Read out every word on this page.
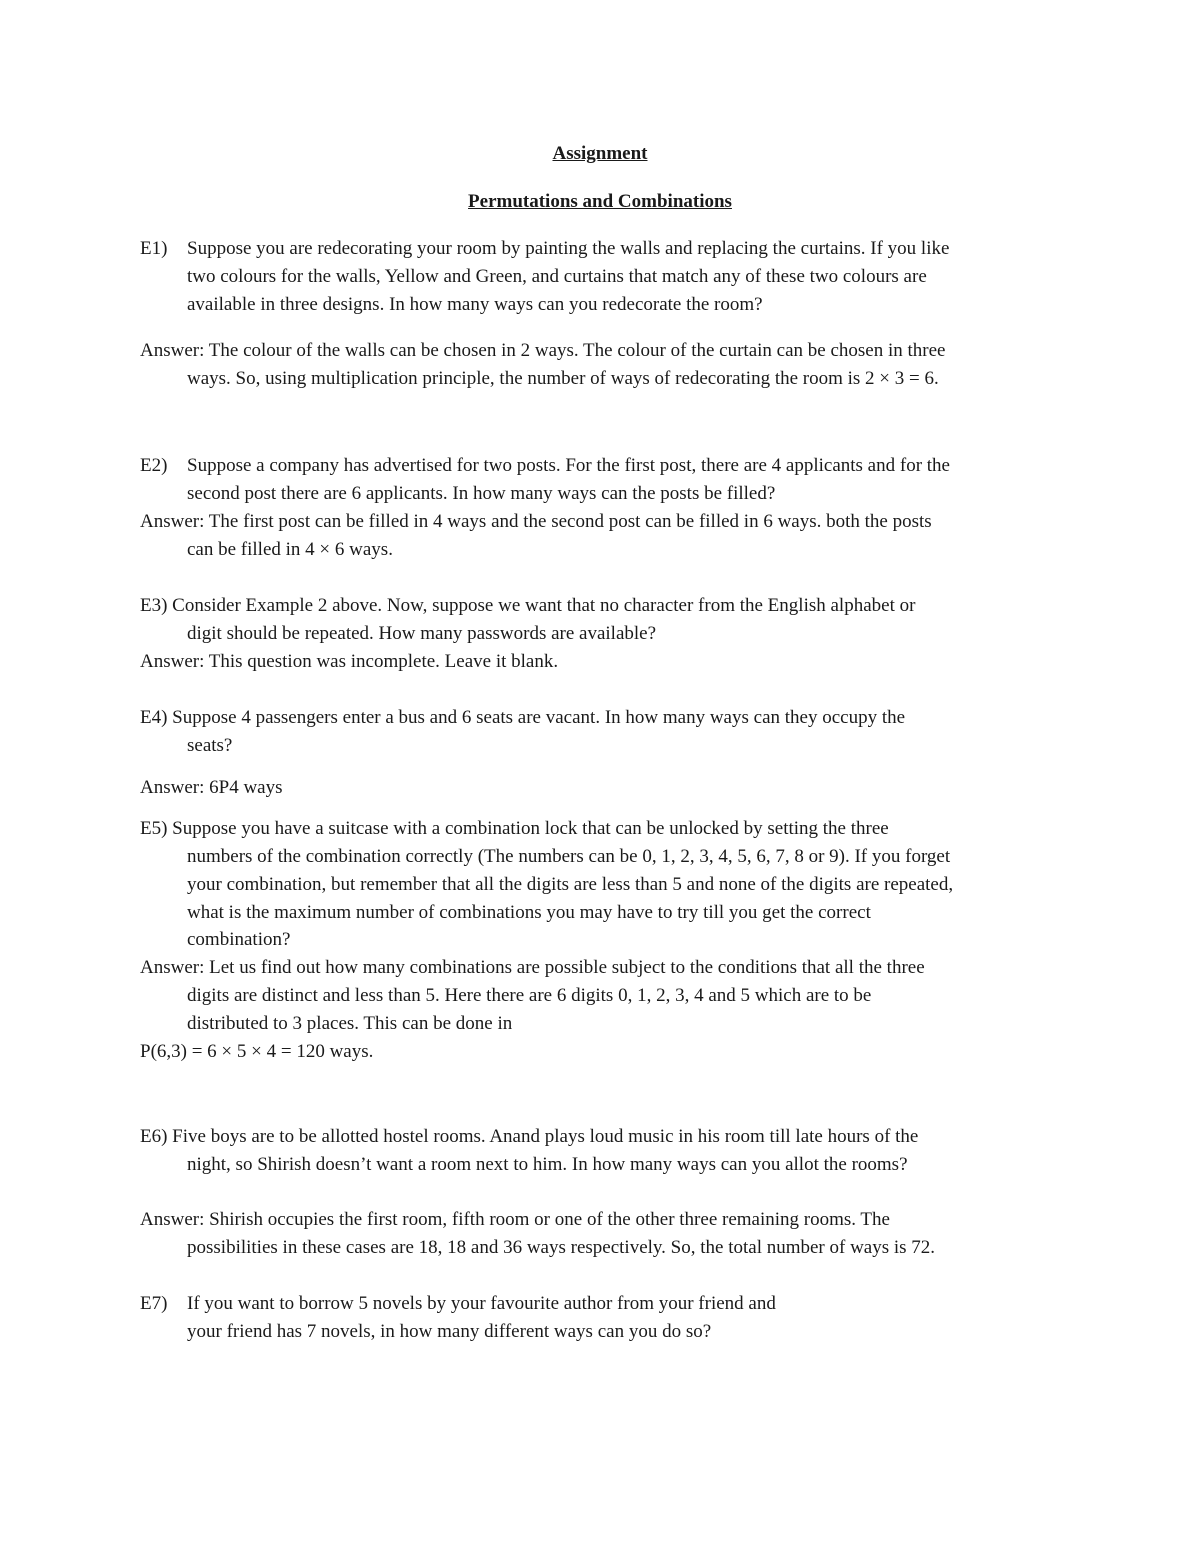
Assignment
Permutations and Combinations
E1) Suppose you are redecorating your room by painting the walls and replacing the curtains. If you like
two colours for the walls, Yellow and Green, and curtains that match any of these two colours are
available in three designs. In how many ways can you redecorate the room?
Answer: The colour of the walls can be chosen in 2 ways. The colour of the curtain can be chosen in three
ways. So, using multiplication principle, the number of ways of redecorating the room is 2 × 3 = 6.
E2) Suppose a company has advertised for two posts. For the first post, there are 4 applicants and for the
second post there are 6 applicants. In how many ways can the posts be filled?
Answer: The first post can be filled in 4 ways and the second post can be filled in 6 ways. both the posts
can be filled in 4 × 6 ways.
E3) Consider Example 2 above. Now, suppose we want that no character from the English alphabet or
digit should be repeated. How many passwords are available?
Answer: This question was incomplete. Leave it blank.
E4) Suppose 4 passengers enter a bus and 6 seats are vacant. In how many ways can they occupy the
seats?
Answer: 6P4 ways
E5) Suppose you have a suitcase with a combination lock that can be unlocked by setting the three
numbers of the combination correctly (The numbers can be 0, 1, 2, 3, 4, 5, 6, 7, 8 or 9). If you forget
your combination, but remember that all the digits are less than 5 and none of the digits are repeated,
what is the maximum number of combinations you may have to try till you get the correct
combination?
Answer: Let us find out how many combinations are possible subject to the conditions that all the three
digits are distinct and less than 5. Here there are 6 digits 0, 1, 2, 3, 4 and 5 which are to be
distributed to 3 places. This can be done in
P(6,3) = 6 × 5 × 4 = 120 ways.
E6) Five boys are to be allotted hostel rooms. Anand plays loud music in his room till late hours of the
night, so Shirish doesn’t want a room next to him. In how many ways can you allot the rooms?
Answer: Shirish occupies the first room, fifth room or one of the other three remaining rooms. The
possibilities in these cases are 18, 18 and 36 ways respectively. So, the total number of ways is 72.
E7) If you want to borrow 5 novels by your favourite author from your friend and
your friend has 7 novels, in how many different ways can you do so?
